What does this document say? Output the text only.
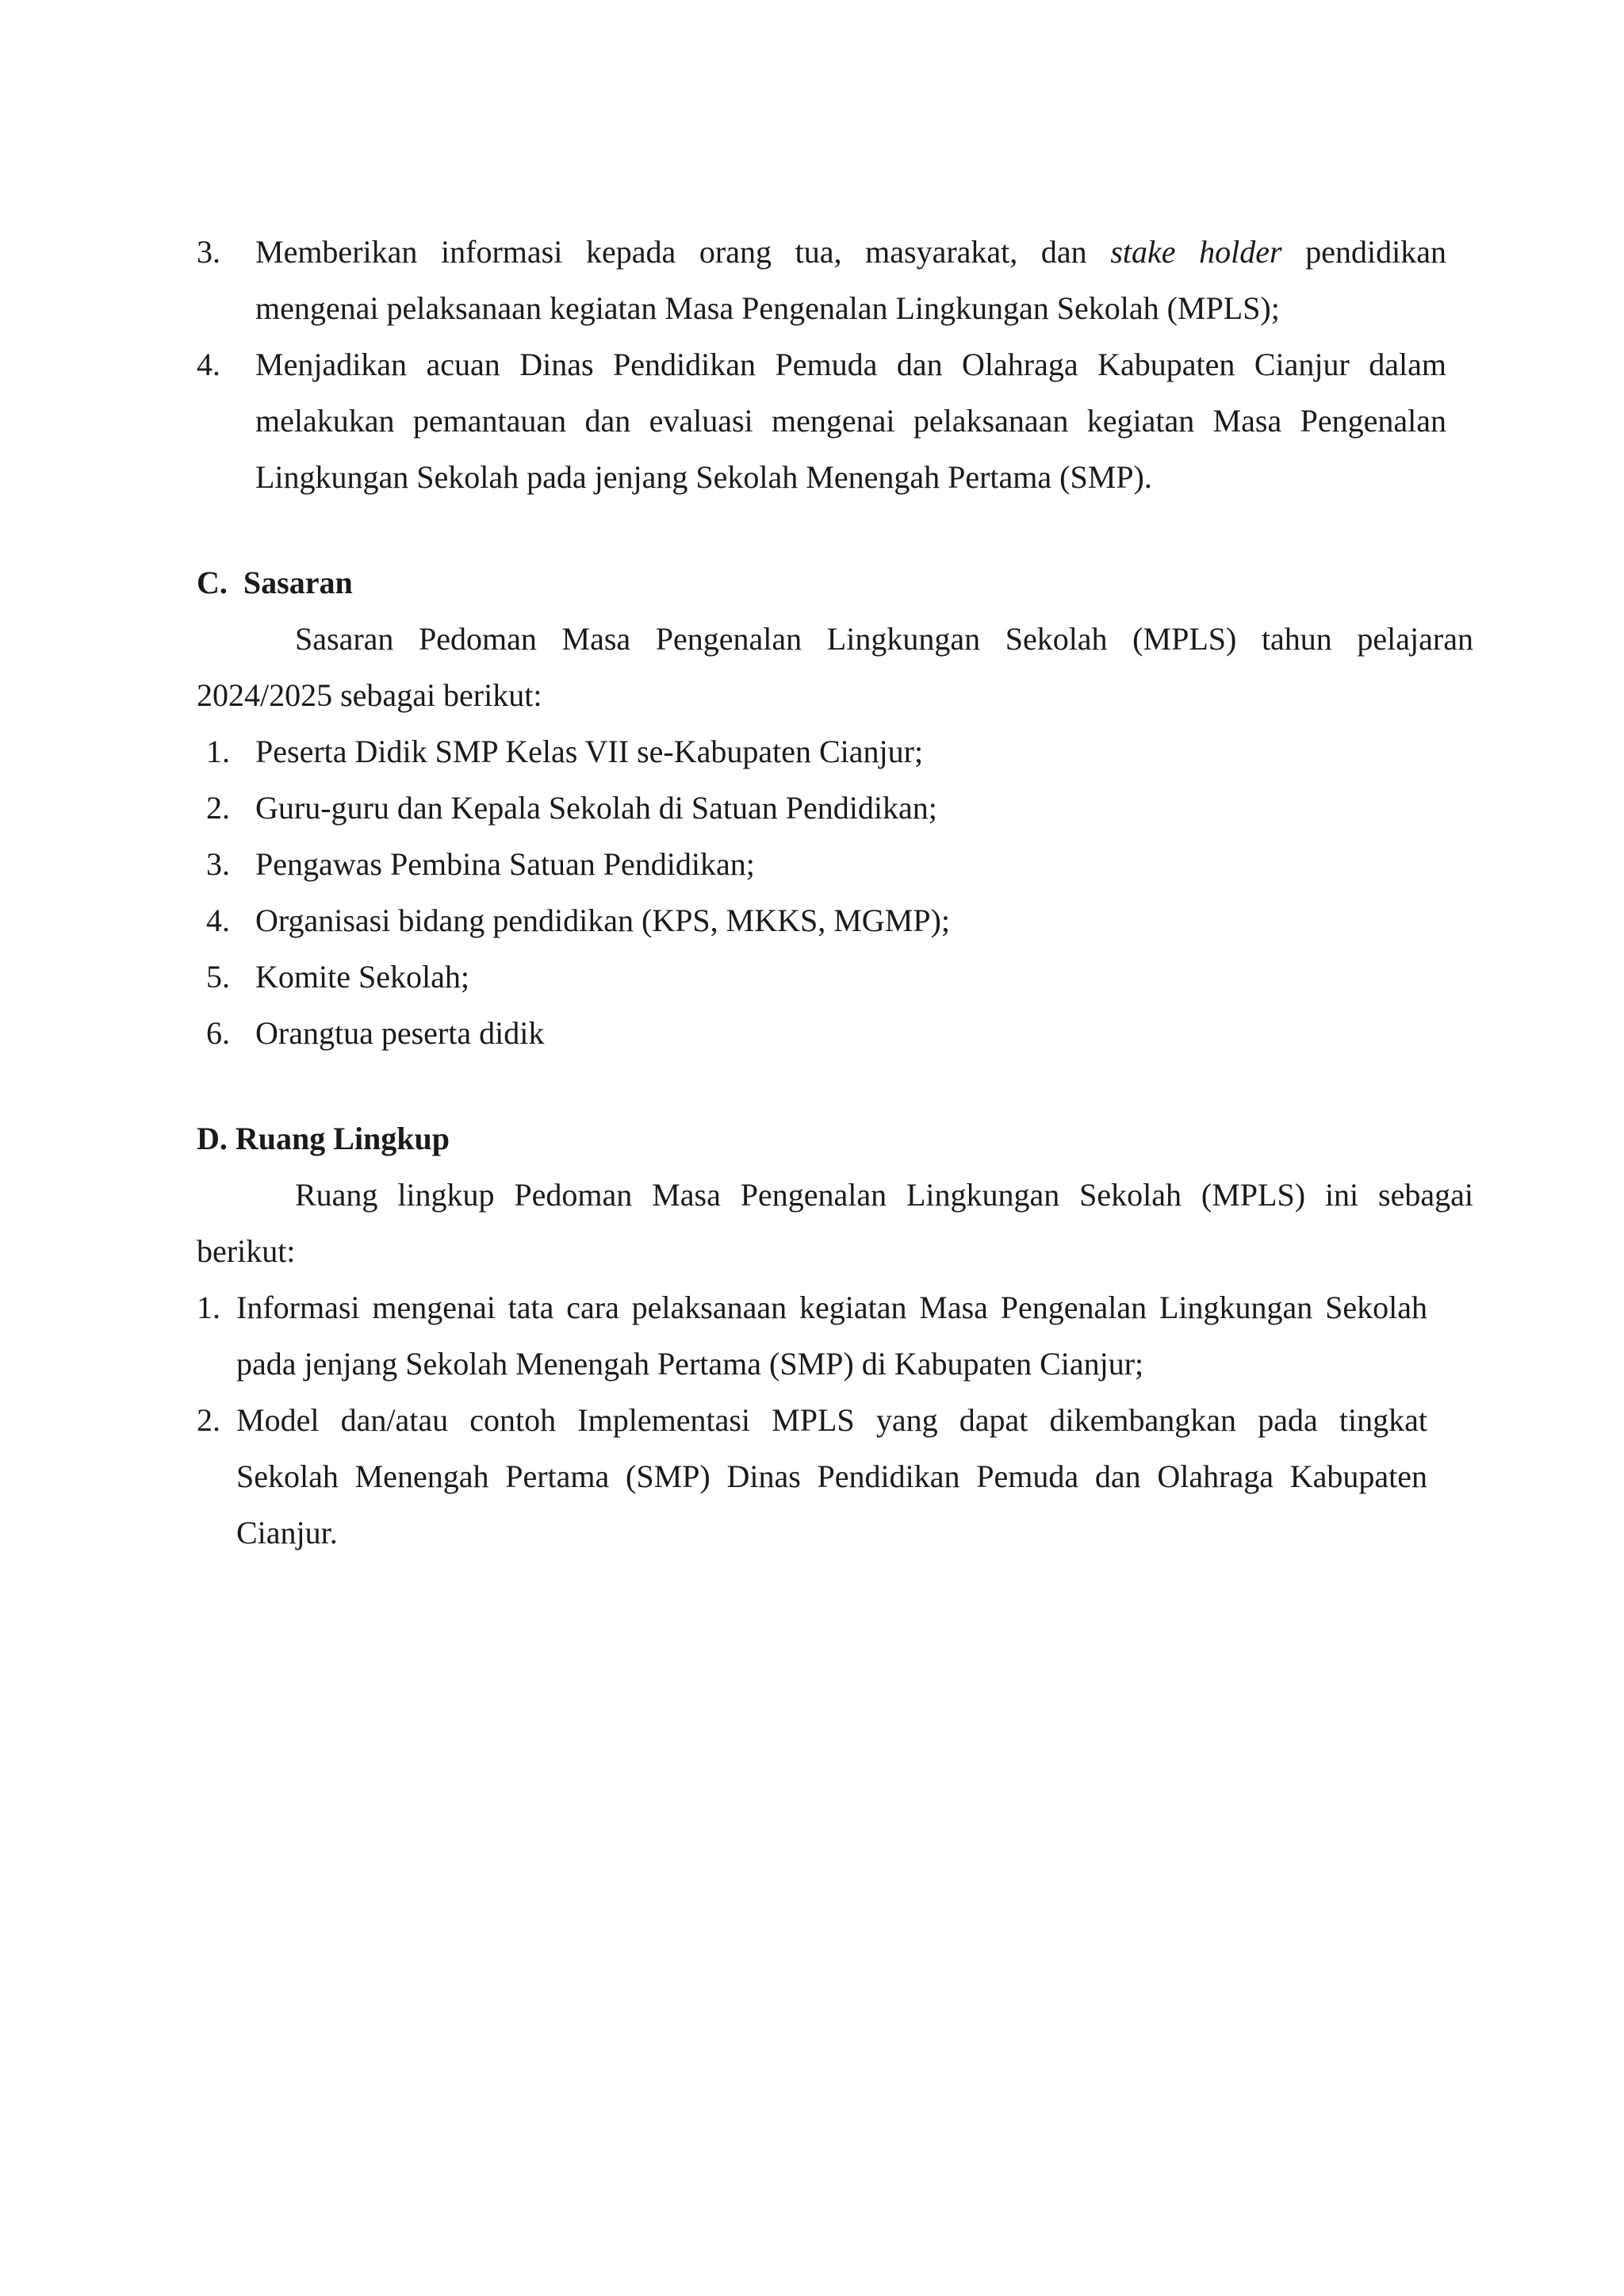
3. Memberikan informasi kepada orang tua, masyarakat, dan stake holder pendidikan
mengenai pelaksanaan kegiatan Masa Pengenalan Lingkungan Sekolah (MPLS);
4. Menjadikan acuan Dinas Pendidikan Pemuda dan Olahraga Kabupaten Cianjur dalam
melakukan pemantauan dan evaluasi mengenai pelaksanaan kegiatan Masa Pengenalan
Lingkungan Sekolah pada jenjang Sekolah Menengah Pertama (SMP).
C.  Sasaran
Sasaran Pedoman Masa Pengenalan Lingkungan Sekolah (MPLS) tahun pelajaran
2024/2025 sebagai berikut:
1. Peserta Didik SMP Kelas VII se-Kabupaten Cianjur;
2. Guru-guru dan Kepala Sekolah di Satuan Pendidikan;
3. Pengawas Pembina Satuan Pendidikan;
4. Organisasi bidang pendidikan (KPS, MKKS, MGMP);
5. Komite Sekolah;
6. Orangtua peserta didik
D. Ruang Lingkup
Ruang lingkup Pedoman Masa Pengenalan Lingkungan Sekolah (MPLS) ini sebagai
berikut:
1. Informasi mengenai tata cara pelaksanaan kegiatan Masa Pengenalan Lingkungan Sekolah
pada jenjang Sekolah Menengah Pertama (SMP) di Kabupaten Cianjur;
2. Model dan/atau contoh Implementasi MPLS yang dapat dikembangkan pada tingkat
Sekolah Menengah Pertama (SMP) Dinas Pendidikan Pemuda dan Olahraga Kabupaten
Cianjur.
